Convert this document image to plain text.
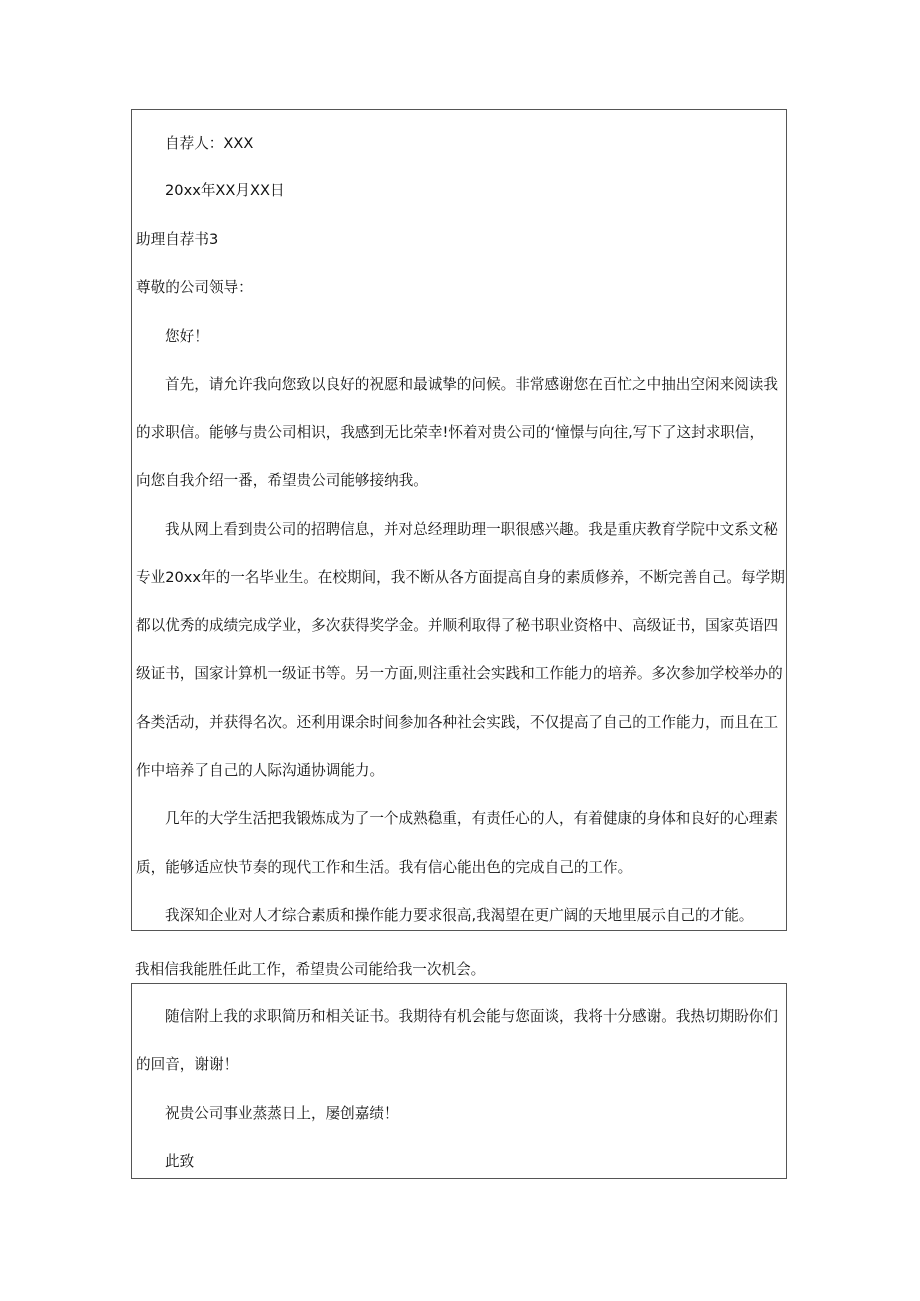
自荐人：XXX
20xx年XX月XX日
助理自荐书3
尊敬的公司领导：
您好！
首先，请允许我向您致以良好的祝愿和最诚挚的问候。非常感谢您在百忙之中抽出空闲来阅读我
的求职信。能够与贵公司相识，我感到无比荣幸!怀着对贵公司的‘憧憬与向往,写下了这封求职信，
向您自我介绍一番，希望贵公司能够接纳我。
我从网上看到贵公司的招聘信息，并对总经理助理一职很感兴趣。我是重庆教育学院中文系文秘
专业20xx年的一名毕业生。在校期间，我不断从各方面提高自身的素质修养，不断完善自己。每学期
都以优秀的成绩完成学业，多次获得奖学金。并顺利取得了秘书职业资格中、高级证书，国家英语四
级证书，国家计算机一级证书等。另一方面,则注重社会实践和工作能力的培养。多次参加学校举办的
各类活动，并获得名次。还利用课余时间参加各种社会实践，不仅提高了自己的工作能力，而且在工
作中培养了自己的人际沟通协调能力。
几年的大学生活把我锻炼成为了一个成熟稳重，有责任心的人，有着健康的身体和良好的心理素
质，能够适应快节奏的现代工作和生活。我有信心能出色的完成自己的工作。
我深知企业对人才综合素质和操作能力要求很高,我渴望在更广阔的天地里展示自己的才能。
我相信我能胜任此工作，希望贵公司能给我一次机会。
随信附上我的求职简历和相关证书。我期待有机会能与您面谈，我将十分感谢。我热切期盼你们
的回音，谢谢！
祝贵公司事业蒸蒸日上，屡创嘉绩！
此致
